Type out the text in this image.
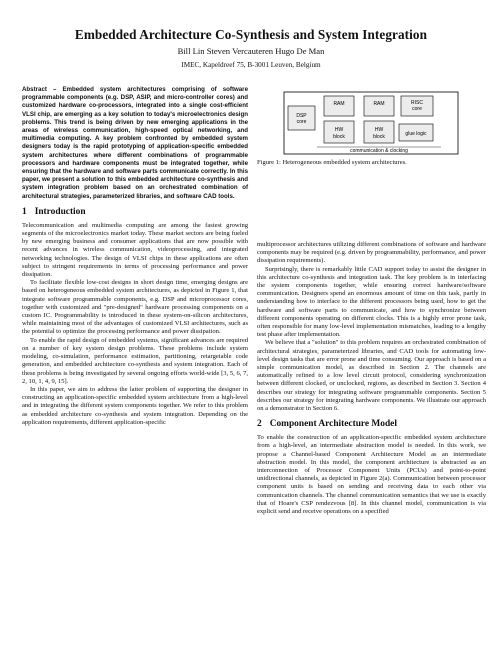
Embedded Architecture Co-Synthesis and System Integration
Bill Lin Steven Vercauteren Hugo De Man
IMEC, Kapeldreef 75, B-3001 Leuven, Belgium

Abstract – Embedded system architectures comprising of software programmable components (e.g. DSP, ASIP, and micro-controller cores) and customized hardware co-processors, integrated into a single cost-efficient VLSI chip, are emerging as a key solution to today's microelectronics design problems. This trend is being driven by new emerging applications in the areas of wireless communication, high-speed optical networking, and multimedia computing. A key problem confronted by embedded system designers today is the rapid prototyping of application-specific embedded system architectures where different combinations of programmable processors and hardware components must be integrated together, while ensuring that the hardware and software parts communicate correctly. In this paper, we present a solution to this embedded architecture co-synthesis and system integration problem based on an orchestrated combination of architectural strategies, parameterized libraries, and software CAD tools.

1 Introduction

Telecommunication and multimedia computing are among the fastest growing segments of the microelectronics market today. These market sectors are being fueled by new emerging business and consumer applications that are now possible with recent advances in wireless communication, videoprocessing, and integrated networking technologies. The design of VLSI chips in these applications are often subject to stringent requirements in terms of processing performance and power dissipation.

To facilitate flexible low-cost designs in short design time, emerging designs are based on heterogeneous embedded system architectures, as depicted in Figure 1, that integrate software programmable components, e.g. DSP and microprocessor cores, together with customized and "pre-designed" hardware processing components on a custom IC. Programmability is introduced in these system-on-silicon architectures, while maintaining most of the advantages of customized VLSI architectures, such as the potential to optimize the processing performance and power dissipation.

To enable the rapid design of embedded systems, significant advances are required on a number of key system design problems. These problems include system modeling, co-simulation, performance estimation, partitioning, retargetable code generation, and embedded architecture co-synthesis and system integration. Each of these problems is being investigated by several ongoing efforts world-wide [3, 5, 6, 7, 2, 10, 1, 4, 9, 15].

In this paper, we aim to address the latter problem of supporting the designer in constructing an application-specific embedded system architecture from a high-level and in integrating the different system components together. We refer to this problem as embedded architecture co-synthesis and system integration. Depending on the application requirements, different application-specific

DSP
core
RAM	RAM	RISC
core
HW
block
HW
block	glue logic
communication & clocking
Figure 1: Heterogeneous embedded system architectures.

multiprocessor architectures utilizing different combinations of software and hardware components may be required (e.g. driven by programmability, performance, and power dissipation requirements).

Surprisingly, there is remarkably little CAD support today to assist the designer in this architecture co-synthesis and integration task. The key problem is in interfacing the system components together, while ensuring correct hardware/software communication. Designers spend an enormous amount of time on this task, partly in understanding how to interface to the different processors being used, how to get the hardware and software parts to communicate, and how to synchronize between different components operating on different clocks. This is a highly error prone task, often responsible for many low-level implementation mismatches, leading to a lengthy test phase after implementation.

We believe that a "solution" to this problem requires an orchestrated combination of architectural strategies, parameterized libraries, and CAD tools for automating low-level design tasks that are error prone and time consuming. Our approach is based on a simple communication model, as described in Section 2. The channels are automatically refined to a low level circuit protocol, considering synchronization between different clocked, or unclocked, regions, as described in Section 3. Section 4 describes our strategy for integrating software programmable components. Section 5 describes our strategy for integrating hardware components. We illustrate our approach on a demonstrator in Section 6.

2 Component Architecture Model

To enable the construction of an application-specific embedded system architecture from a high-level, an intermediate abstraction model is needed. In this work, we propose a Channel-based Component Architecture Model as an intermediate abstraction model. In this model, the component architecture is abstracted as an interconnection of Processor Component Units (PCUs) and point-to-point unidirectional channels, as depicted in Figure 2(a). Communication between processor component units is based on sending and receiving data to each other via communication channels. The channel communication semantics that we use is exactly that of Hoare's CSP rendezvous [8]. In this channel model, communication is via explicit send and receive operations on a specified
